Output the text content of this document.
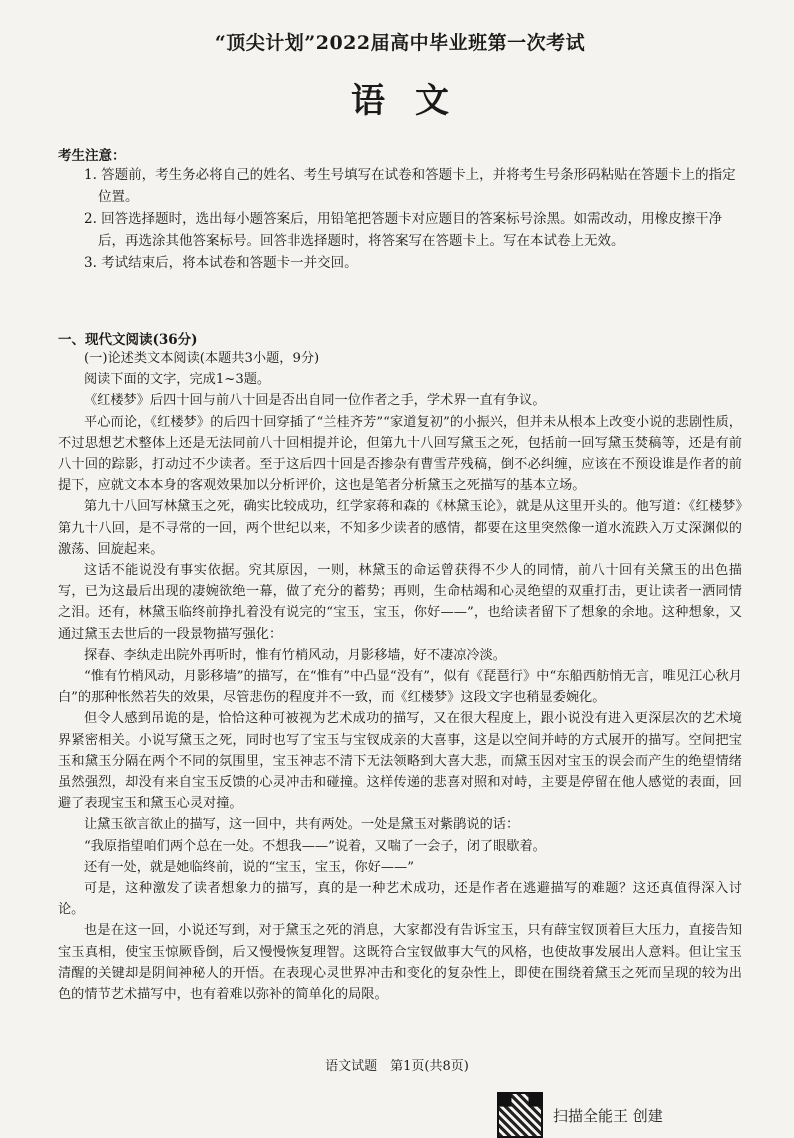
“顶尖计划”2022届高中毕业班第一次考试
语文
考生注意：
1. 答题前，考生务必将自己的姓名、考生号填写在试卷和答题卡上，并将考生号条形码粘贴在答题卡上的指定位置。
2. 回答选择题时，选出每小题答案后，用铅笔把答题卡对应题目的答案标号涂黑。如需改动，用橡皮擦干净后，再选涂其他答案标号。回答非选择题时，将答案写在答题卡上。写在本试卷上无效。
3. 考试结束后，将本试卷和答题卡一并交回。
一、现代文阅读(36分)

(一)论述类文本阅读(本题共3小题，9分)

阅读下面的文字，完成1~3题。

《红楼梦》后四十回与前八十回是否出自同一位作者之手，学术界一直有争议。

平心而论，《红楼梦》的后四十回穿插了“兰桂齐芳”“家道复初”的小振兴，但并未从根本上改变小说的悲剧性质，不过思想艺术整体上还是无法同前八十回相提并论，但第九十八回写黛玉之死，包括前一回写黛玉焚稿等，还是有前八十回的踪影，打动过不少读者。至于这后四十回是否掺杂有曹雪芹残稿，倒不必纠缠，应该在不预设谁是作者的前提下，应就文本本身的客观效果加以分析评价，这也是笔者分析黛玉之死描写的基本立场。

第九十八回写林黛玉之死，确实比较成功，红学家蒋和森的《林黛玉论》，就是从这里开头的。他写道：《红楼梦》第九十八回，是不寻常的一回，两个世纪以来，不知多少读者的感情，都要在这里突然像一道水流跌入万丈深渊似的激荡、回旋起来。

这话不能说没有事实依据。究其原因，一则，林黛玉的命运曾获得不少人的同情，前八十回有关黛玉的出色描写，已为这最后出现的凄婉欲绝一幕，做了充分的蓄势；再则，生命枯竭和心灵绝望的双重打击，更让读者一洒同情之泪。还有，林黛玉临终前挣扎着没有说完的“宝玉，宝玉，你好——”，也给读者留下了想象的余地。这种想象，又通过黛玉去世后的一段景物描写强化：

探春、李纨走出院外再听时，惟有竹梢风动，月影移墙，好不凄凉冷淡。

“惟有竹梢风动，月影移墙”的描写，在“惟有”中凸显“没有”，似有《琵琶行》中“东船西舫悄无言，唯见江心秋月白”的那种怅然若失的效果，尽管悲伤的程度并不一致，而《红楼梦》这段文字也稍显委婉化。

但令人感到吊诡的是，恰恰这种可被视为艺术成功的描写，又在很大程度上，跟小说没有进入更深层次的艺术境界紧密相关。小说写黛玉之死，同时也写了宝玉与宝钗成亲的大喜事，这是以空间并峙的方式展开的描写。空间把宝玉和黛玉分隔在两个不同的氛围里，宝玉神志不清下无法领略到大喜大悲，而黛玉因对宝玉的误会而产生的绝望情绪虽然强烈，却没有来自宝玉反馈的心灵冲击和碰撞。这样传递的悲喜对照和对峙，主要是停留在他人感觉的表面，回避了表现宝玉和黛玉心灵对撞。

让黛玉欲言欲止的描写，这一回中，共有两处。一处是黛玉对紫鹃说的话：

“我原指望咱们两个总在一处。不想我——”说着，又喘了一会子，闭了眼歇着。

还有一处，就是她临终前，说的“宝玉，宝玉，你好——”

可是，这种激发了读者想象力的描写，真的是一种艺术成功，还是作者在逃避描写的难题？这还真值得深入讨论。

也是在这一回，小说还写到，对于黛玉之死的消息，大家都没有告诉宝玉，只有薛宝钗顶着巨大压力，直接告知宝玉真相，使宝玉惊厥昏倒，后又慢慢恢复理智。这既符合宝钗做事大气的风格，也使故事发展出人意料。但让宝玉清醒的关键却是阴间神秘人的开悟。在表现心灵世界冲击和变化的复杂性上，即使在围绕着黛玉之死而呈现的较为出色的情节艺术描写中，也有着难以弥补的简单化的局限。

语文试题　第1页(共8页)
扫描全能王 创建
